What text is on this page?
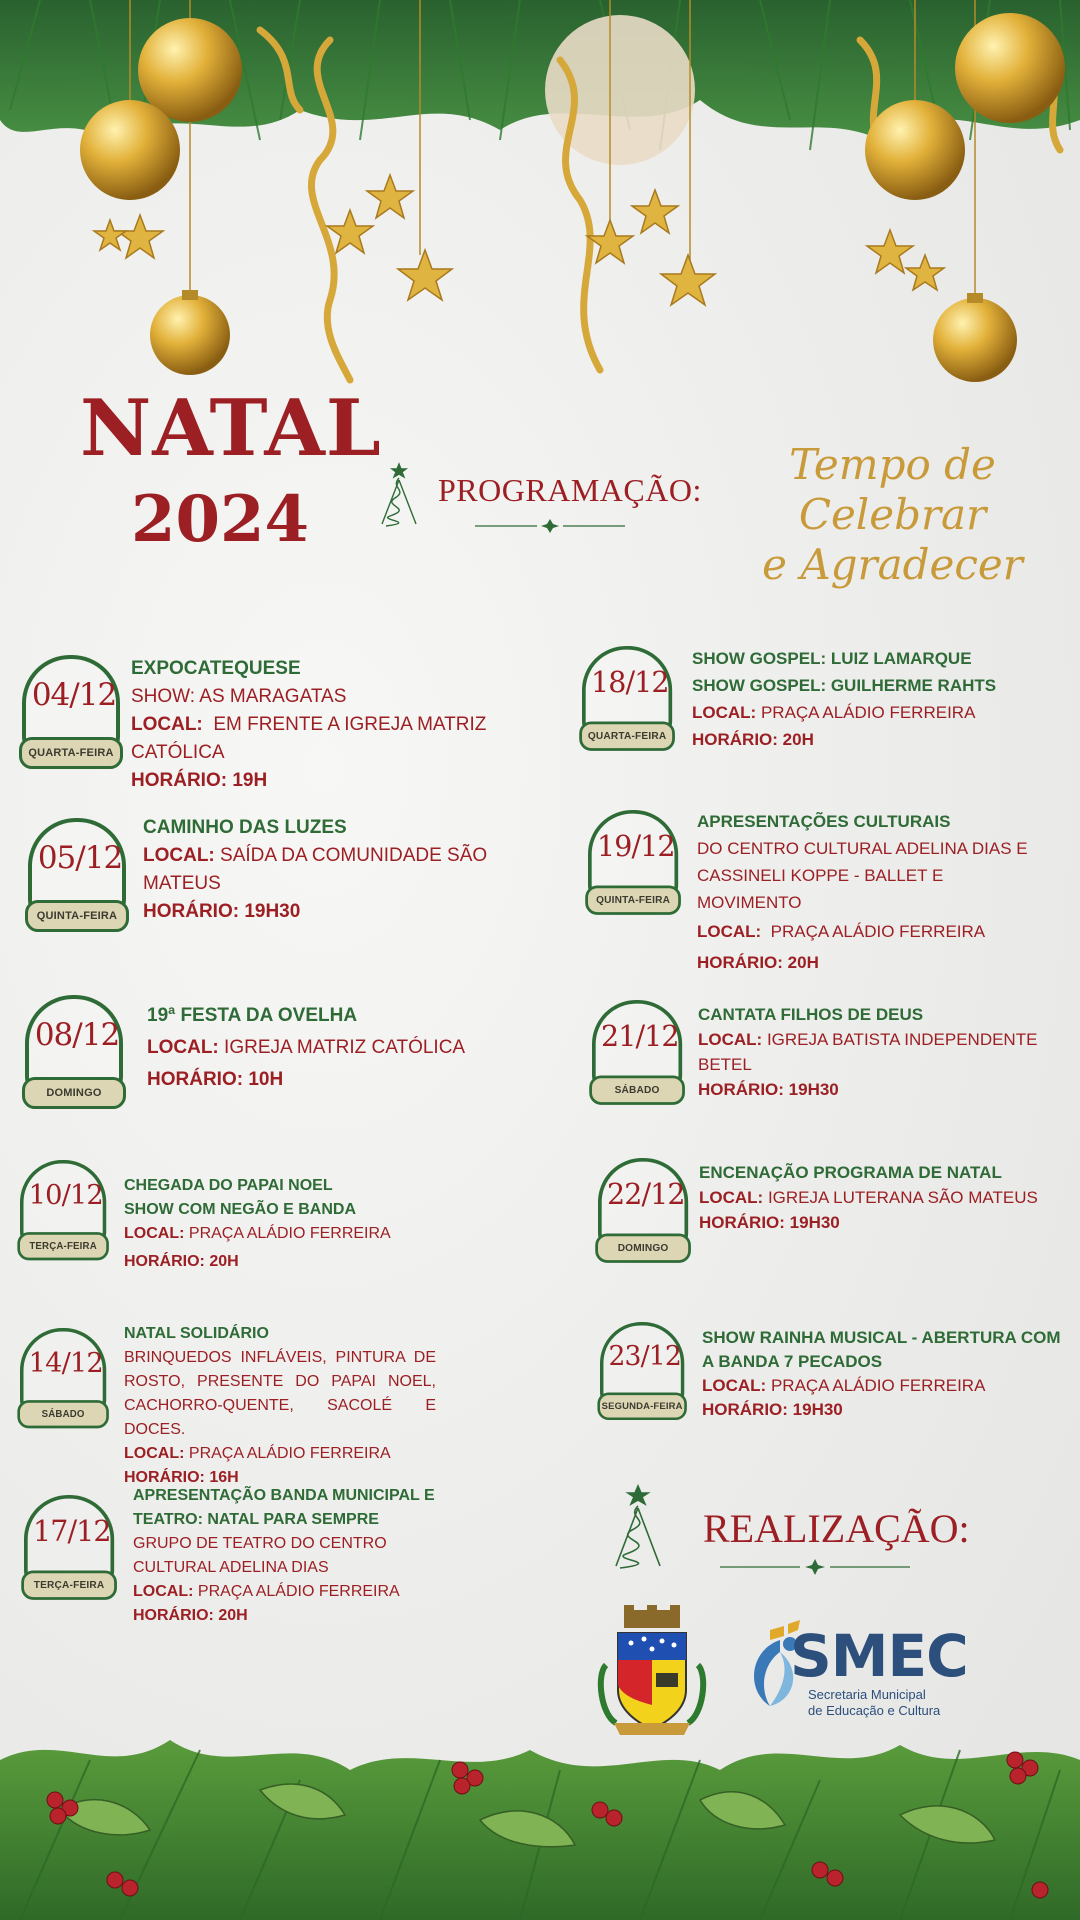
NATAL
2024	PROGRAMAÇÃO:
Tempo de Celebrar
e Agradecer
04/12
QUARTA-FEIRA
EXPOCATEQUESE
SHOW: AS MARAGATAS
LOCAL: EM FRENTE A IGREJA MATRIZ CATÓLICA
HORÁRIO: 19H
05/12
QUINTA-FEIRA
CAMINHO DAS LUZES
LOCAL: SAÍDA DA COMUNIDADE SÃO MATEUS
HORÁRIO: 19H30
08/12
DOMINGO
19ª FESTA DA OVELHA
LOCAL: IGREJA MATRIZ CATÓLICA
HORÁRIO: 10H
10/12
TERÇA-FEIRA
CHEGADA DO PAPAI NOEL
SHOW COM NEGÃO E BANDA
LOCAL: PRAÇA ALÁDIO FERREIRA
HORÁRIO: 20H
14/12
SÁBADO
NATAL SOLIDÁRIO
BRINQUEDOS INFLÁVEIS, PINTURA DE ROSTO, PRESENTE DO PAPAI NOEL, CACHORRO-QUENTE, SACOLÉ E DOCES.
LOCAL: PRAÇA ALÁDIO FERREIRA
HORÁRIO: 16H
17/12
TERÇA-FEIRA
APRESENTAÇÃO BANDA MUNICIPAL E
TEATRO: NATAL PARA SEMPRE
GRUPO DE TEATRO DO CENTRO CULTURAL ADELINA DIAS
LOCAL: PRAÇA ALÁDIO FERREIRA
HORÁRIO: 20H
18/12
QUARTA-FEIRA
SHOW GOSPEL: LUIZ LAMARQUE
SHOW GOSPEL: GUILHERME RAHTS
LOCAL: PRAÇA ALÁDIO FERREIRA
HORÁRIO: 20H
19/12
QUINTA-FEIRA
APRESENTAÇÕES CULTURAIS
DO CENTRO CULTURAL ADELINA DIAS E CASSINELI KOPPE - BALLET E MOVIMENTO
LOCAL: PRAÇA ALÁDIO FERREIRA
HORÁRIO: 20H
21/12
SÁBADO
CANTATA FILHOS DE DEUS
LOCAL: IGREJA BATISTA INDEPENDENTE BETEL
HORÁRIO: 19H30
22/12
DOMINGO
ENCENAÇÃO PROGRAMA DE NATAL
LOCAL: IGREJA LUTERANA SÃO MATEUS
HORÁRIO: 19H30
23/12
SEGUNDA-FEIRA
SHOW RAINHA MUSICAL - ABERTURA COM
A BANDA 7 PECADOS
LOCAL: PRAÇA ALÁDIO FERREIRA
HORÁRIO: 19H30
REALIZAÇÃO:
SMEC
Secretaria Municipal
de Educação e Cultura
